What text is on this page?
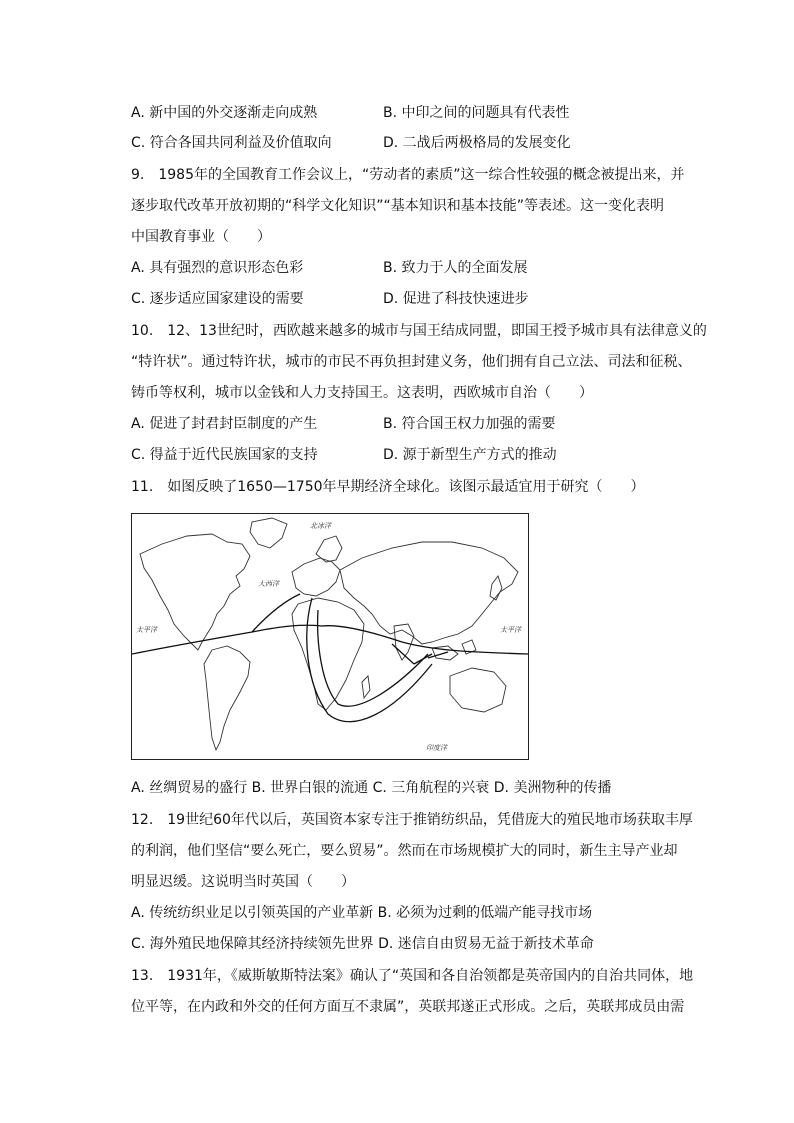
A. 新中国的外交逐渐走向成熟	B. 中印之间的问题具有代表性
C. 符合各国共同利益及价值取向	D. 二战后两极格局的发展变化
9.　1985年的全国教育工作会议上，“劳动者的素质”这一综合性较强的概念被提出来，并
逐步取代改革开放初期的“科学文化知识”“基本知识和基本技能”等表述。这一变化表明
中国教育事业（　　）
A. 具有强烈的意识形态色彩	B. 致力于人的全面发展
C. 逐步适应国家建设的需要	D. 促进了科技快速进步
10.　12、13世纪时，西欧越来越多的城市与国王结成同盟，即国王授予城市具有法律意义的
“特许状”。通过特许状，城市的市民不再负担封建义务，他们拥有自己立法、司法和征税、
铸币等权利，城市以金钱和人力支持国王。这表明，西欧城市自治（　　）
A. 促进了封君封臣制度的产生	B. 符合国王权力加强的需要
C. 得益于近代民族国家的支持	D. 源于新型生产方式的推动
11.　如图反映了1650—1750年早期经济全球化。该图示最适宜用于研究（　　）
北冰洋
大西洋
太平洋	太平洋
印度洋
A. 丝绸贸易的盛行 B. 世界白银的流通 C. 三角航程的兴衰 D. 美洲物种的传播
12.　19世纪60年代以后，英国资本家专注于推销纺织品，凭借庞大的殖民地市场获取丰厚
的利润，他们坚信“要么死亡，要么贸易”。然而在市场规模扩大的同时，新生主导产业却
明显迟缓。这说明当时英国（　　）
A. 传统纺织业足以引领英国的产业革新 B. 必须为过剩的低端产能寻找市场
C. 海外殖民地保障其经济持续领先世界 D. 迷信自由贸易无益于新技术革命
13.　1931年，《威斯敏斯特法案》确认了“英国和各自治领都是英帝国内的自治共同体，地
位平等，在内政和外交的任何方面互不隶属”，英联邦遂正式形成。之后，英联邦成员由需
